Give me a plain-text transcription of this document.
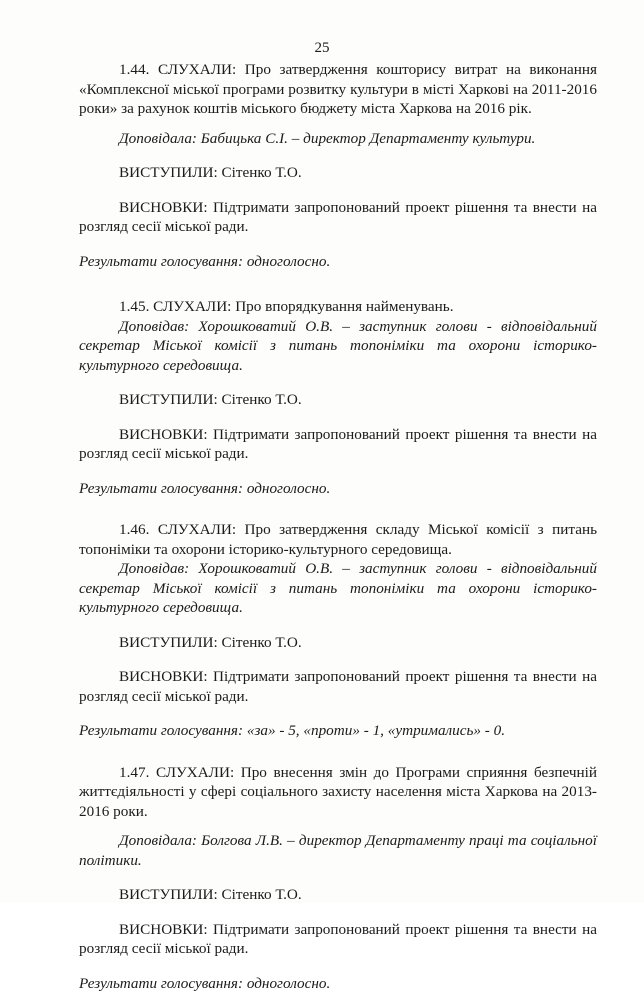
25

1.44. СЛУХАЛИ: Про затвердження кошторису витрат на виконання «Комплексної міської програми розвитку культури в місті Харкові на 2011-2016 роки» за рахунок коштів міського бюджету міста Харкова на 2016 рік.

Доповідала: Бабицька С.І. – директор Департаменту культури.

ВИСТУПИЛИ: Сітенко Т.О.

ВИСНОВКИ: Підтримати запропонований проект рішення та внести на розгляд сесії міської ради.

Результати голосування: одноголосно.

1.45. СЛУХАЛИ: Про впорядкування найменувань.

Доповідав: Хорошковатий О.В. – заступник голови - відповідальний секретар Міської комісії з питань топоніміки та охорони історико-культурного середовища.

ВИСТУПИЛИ: Сітенко Т.О.

ВИСНОВКИ: Підтримати запропонований проект рішення та внести на розгляд сесії міської ради.

Результати голосування: одноголосно.

1.46. СЛУХАЛИ: Про затвердження складу Міської комісії з питань топоніміки та охорони історико-культурного середовища.

Доповідав: Хорошковатий О.В. – заступник голови - відповідальний секретар Міської комісії з питань топоніміки та охорони історико-культурного середовища.

ВИСТУПИЛИ: Сітенко Т.О.

ВИСНОВКИ: Підтримати запропонований проект рішення та внести на розгляд сесії міської ради.

Результати голосування: «за» - 5, «проти» - 1, «утримались» - 0.

1.47. СЛУХАЛИ: Про внесення змін до Програми сприяння безпечній життєдіяльності у сфері соціального захисту населення міста Харкова на 2013-2016 роки.

Доповідала: Болгова Л.В. – директор Департаменту праці та соціальної політики.

ВИСТУПИЛИ: Сітенко Т.О.

ВИСНОВКИ: Підтримати запропонований проект рішення та внести на розгляд сесії міської ради.

Результати голосування: одноголосно.
